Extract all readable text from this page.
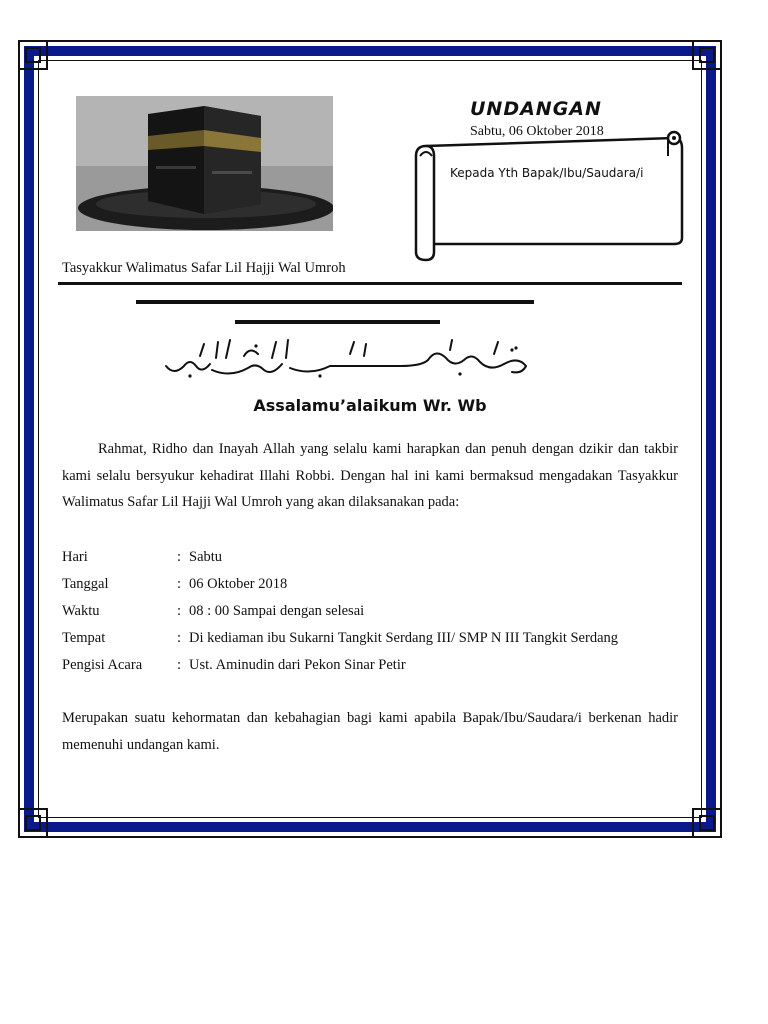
UNDANGAN
Sabtu, 06 Oktober 2018
Kepada Yth Bapak/Ibu/Saudara/i
Tasyakkur Walimatus Safar Lil Hajji Wal Umroh
Assalamu’alaikum Wr. Wb

Rahmat, Ridho dan Inayah Allah yang selalu kami harapkan dan penuh dengan dzikir dan takbir kami selalu bersyukur kehadirat Illahi Robbi. Dengan hal ini kami bermaksud mengadakan Tasyakkur Walimatus Safar Lil Hajji Wal Umroh yang akan dilaksanakan pada:

Hari	: Sabtu
Tanggal	: 06 Oktober 2018
Waktu	: 08 : 00 Sampai dengan selesai
Tempat	: Di kediaman ibu Sukarni Tangkit Serdang III/ SMP N III Tangkit Serdang
Pengisi Acara	: Ust. Aminudin dari Pekon Sinar Petir

Merupakan suatu kehormatan dan kebahagian bagi kami apabila Bapak/Ibu/Saudara/i berkenan hadir memenuhi undangan kami.
